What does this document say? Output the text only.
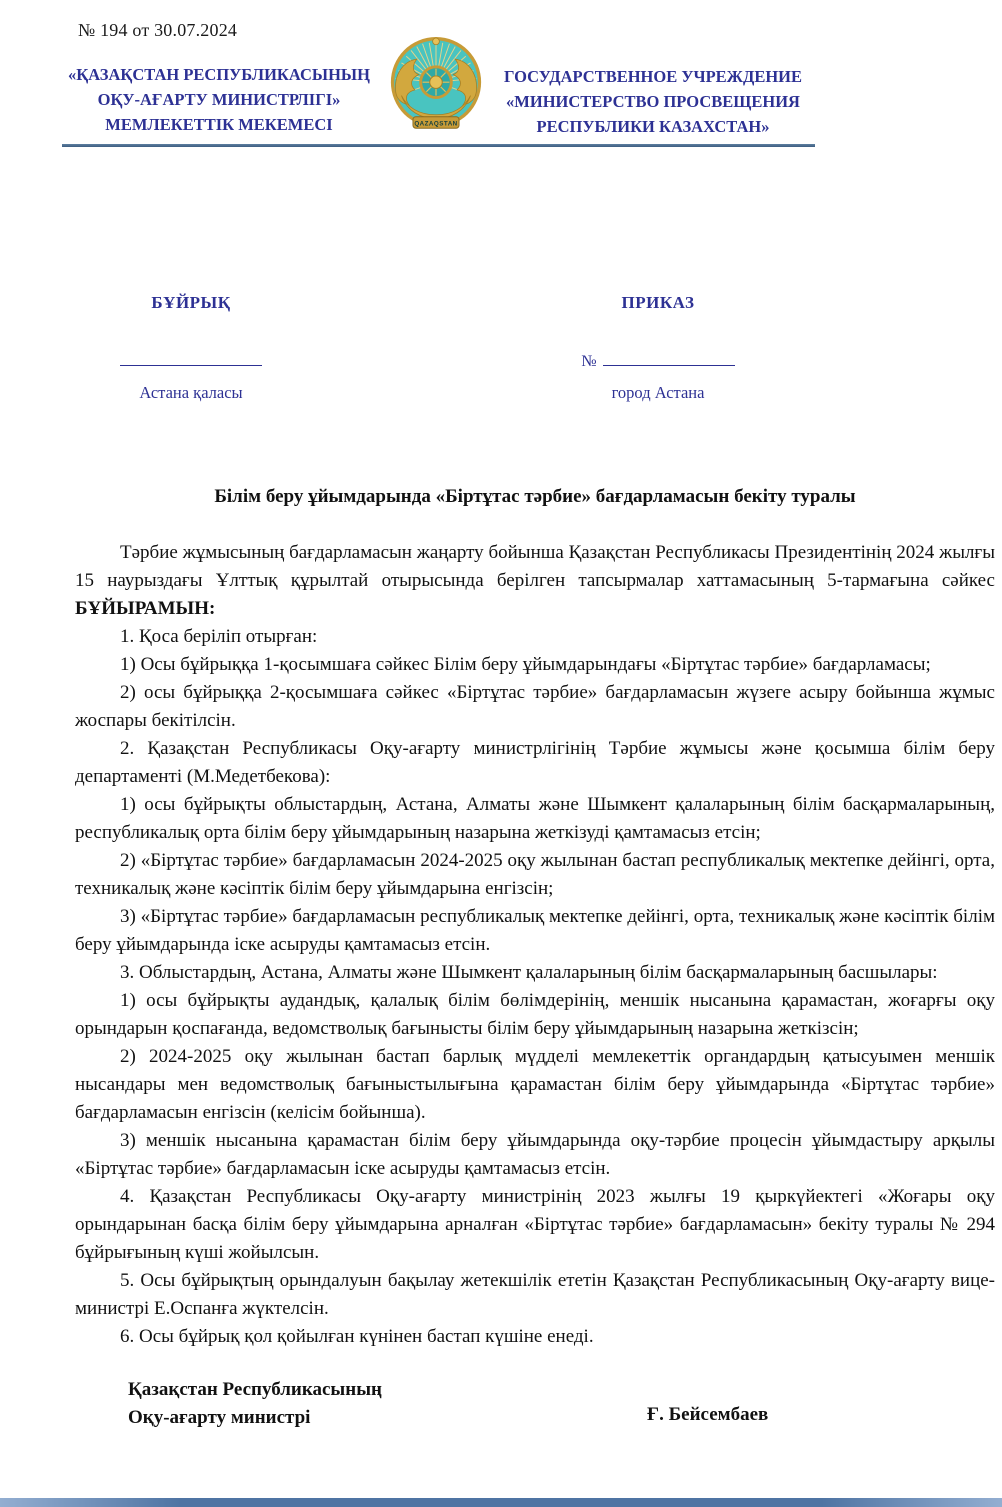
№ 194 от 30.07.2024
«ҚАЗАҚСТАН РЕСПУБЛИКАСЫНЫҢ
ОҚУ-АҒАРТУ МИНИСТРЛІГІ»
МЕМЛЕКЕТТІК МЕКЕМЕСІ	QAZAQSTAN
ГОСУДАРСТВЕННОЕ УЧРЕЖДЕНИЕ
«МИНИСТЕРСТВО ПРОСВЕЩЕНИЯ
РЕСПУБЛИКИ КАЗАХСТАН»
БҰЙРЫҚ
Астана қаласы
ПРИКАЗ
№
город Астана
Білім беру ұйымдарында «Біртұтас тәрбие» бағдарламасын бекіту туралы

Тәрбие жұмысының бағдарламасын жаңарту бойынша Қазақстан Республикасы Президентінің 2024 жылғы 15 наурыздағы Ұлттық құрылтай отырысында берілген тапсырмалар хаттамасының 5-тармағына сәйкес БҰЙЫРАМЫН:

1. Қоса беріліп отырған:

1) Осы бұйрыққа 1-қосымшаға сәйкес Білім беру ұйымдарындағы «Біртұтас тәрбие» бағдарламасы;

2) осы бұйрыққа 2-қосымшаға сәйкес «Біртұтас тәрбие» бағдарламасын жүзеге асыру бойынша жұмыс жоспары бекітілсін.

2. Қазақстан Республикасы Оқу-ағарту министрлігінің Тәрбие жұмысы және қосымша білім беру департаменті (М.Медетбекова):

1) осы бұйрықты облыстардың, Астана, Алматы және Шымкент қалаларының білім басқармаларының, республикалық орта білім беру ұйымдарының назарына жеткізуді қамтамасыз етсін;

2) «Біртұтас тәрбие» бағдарламасын 2024-2025 оқу жылынан бастап республикалық мектепке дейінгі, орта, техникалық және кәсіптік білім беру ұйымдарына енгізсін;

3) «Біртұтас тәрбие» бағдарламасын республикалық мектепке дейінгі, орта, техникалық және кәсіптік білім беру ұйымдарында іске асыруды қамтамасыз етсін.

3. Облыстардың, Астана, Алматы және Шымкент қалаларының білім басқармаларының басшылары:

1) осы бұйрықты аудандық, қалалық білім бөлімдерінің, меншік нысанына қарамастан, жоғарғы оқу орындарын қоспағанда, ведомстволық бағынысты білім беру ұйымдарының назарына жеткізсін;

2) 2024-2025 оқу жылынан бастап барлық мүдделі мемлекеттік органдардың қатысуымен меншік нысандары мен ведомстволық бағыныстылығына қарамастан білім беру ұйымдарында «Біртұтас тәрбие» бағдарламасын енгізсін (келісім бойынша).

3) меншік нысанына қарамастан білім беру ұйымдарында оқу-тәрбие процесін ұйымдастыру арқылы «Біртұтас тәрбие» бағдарламасын іске асыруды қамтамасыз етсін.

4. Қазақстан Республикасы Оқу-ағарту министрінің 2023 жылғы 19 қыркүйектегі «Жоғары оқу орындарынан басқа білім беру ұйымдарына арналған «Біртұтас тәрбие» бағдарламасын» бекіту туралы № 294 бұйрығының күші жойылсын.

5. Осы бұйрықтың орындалуын бақылау жетекшілік ететін Қазақстан Республикасының Оқу-ағарту вице-министрі Е.Оспанға жүктелсін.

6. Осы бұйрық қол қойылған күнінен бастап күшіне енеді.

Қазақстан Республикасының
Оқу-ағарту министрі	Ғ. Бейсембаев
